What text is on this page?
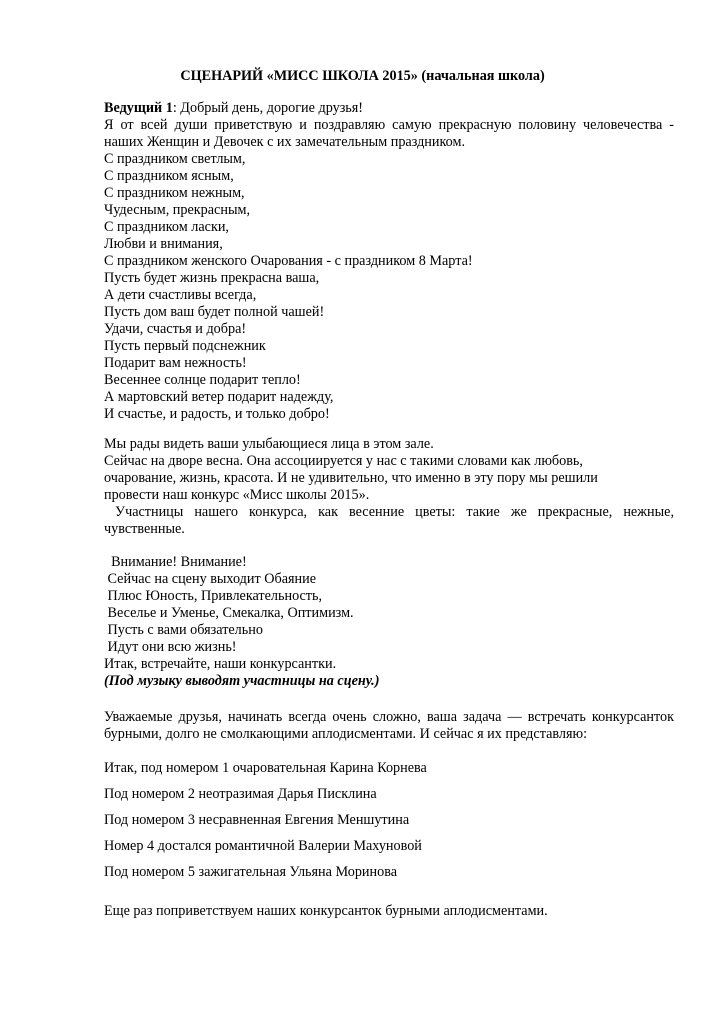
СЦЕНАРИЙ «МИСС ШКОЛА 2015» (начальная школа)
Ведущий 1: Добрый день, дорогие друзья!
Я от всей души приветствую и поздравляю самую прекрасную половину человечества -
наших Женщин и Девочек с их замечательным праздником.
С праздником светлым,
С праздником ясным,
С праздником нежным,
Чудесным, прекрасным,
С праздником ласки,
Любви и внимания,
С праздником женского Очарования - с праздником 8 Марта!
Пусть будет жизнь прекрасна ваша,
А дети счастливы всегда,
Пусть дом ваш будет полной чашей!
Удачи, счастья и добра!
Пусть первый подснежник
Подарит вам нежность!
Весеннее солнце подарит тепло!
А мартовский ветер подарит надежду,
И счастье, и радость, и только добро!
Мы рады видеть ваши улыбающиеся лица в этом зале.
Сейчас на дворе весна. Она ассоциируется у нас с такими словами как любовь,
очарование, жизнь, красота. И не удивительно, что именно в эту пору мы решили
провести наш конкурс «Мисс школы 2015».
Участницы  нашего  конкурса,  как  весенние  цветы:  такие  же  прекрасные,  нежные,
чувственные.
Внимание! Внимание!
Сейчас на сцену выходит Обаяние
Плюс Юность, Привлекательность,
Веселье и Уменье, Смекалка, Оптимизм.
Пусть с вами обязательно
Идут они всю жизнь!
Итак, встречайте, наши конкурсантки.
(Под музыку выводят участницы на сцену.)
Уважаемые друзья, начинать всегда очень сложно, ваша задача — встречать конкурсанток
бурными, долго не смолкающими аплодисментами. И сейчас я их представляю:
Итак, под номером 1 очаровательная Карина Корнева
Под номером 2 неотразимая Дарья Писклина
Под номером 3 несравненная Евгения Меншутина
Номер 4 достался романтичной Валерии Махуновой
Под номером 5 зажигательная Ульяна Моринова
Еще раз поприветствуем наших конкурсанток бурными аплодисментами.
